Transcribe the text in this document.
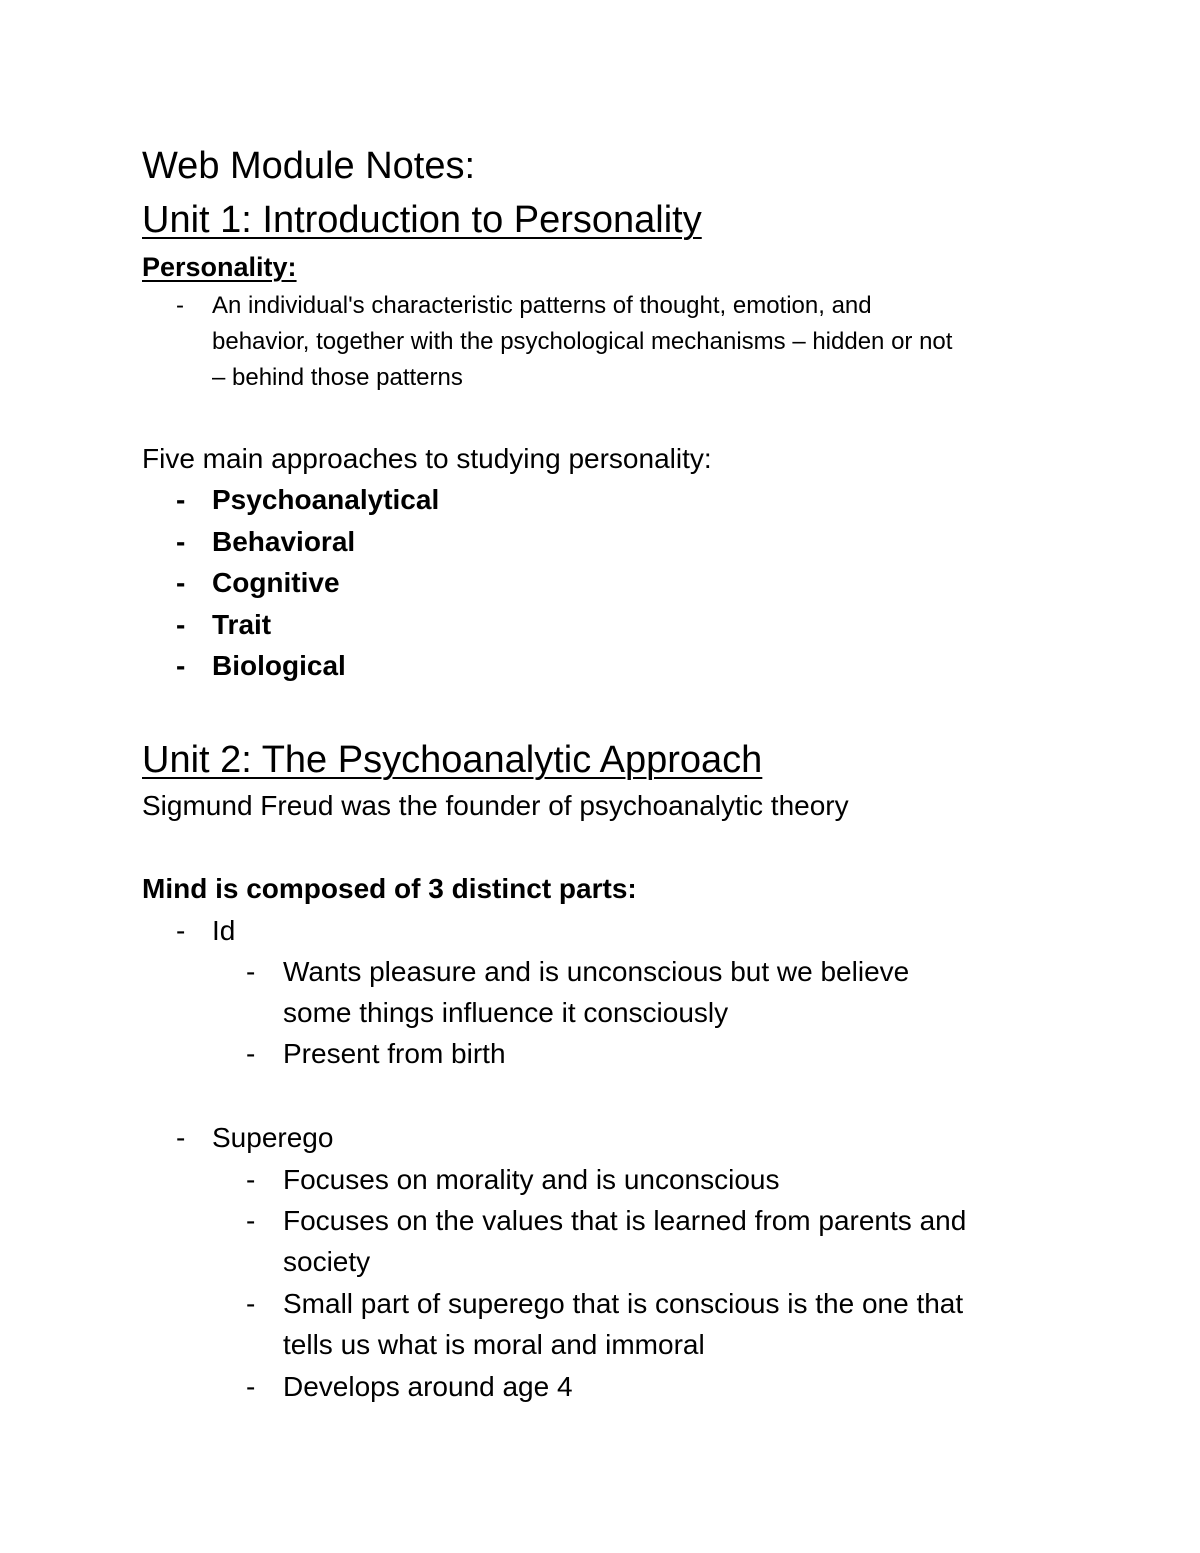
Web Module Notes:
Unit 1: Introduction to Personality
Personality:
- An individual's characteristic patterns of thought, emotion, and
behavior, together with the psychological mechanisms – hidden or not
– behind those patterns
Five main approaches to studying personality:
- Psychoanalytical
- Behavioral
- Cognitive
- Trait
- Biological
Unit 2: The Psychoanalytic Approach
Sigmund Freud was the founder of psychoanalytic theory
Mind is composed of 3 distinct parts:
- Id
- Wants pleasure and is unconscious but we believe
some things influence it consciously
- Present from birth
- Superego
- Focuses on morality and is unconscious
- Focuses on the values that is learned from parents and
society
- Small part of superego that is conscious is the one that
tells us what is moral and immoral
- Develops around age 4
